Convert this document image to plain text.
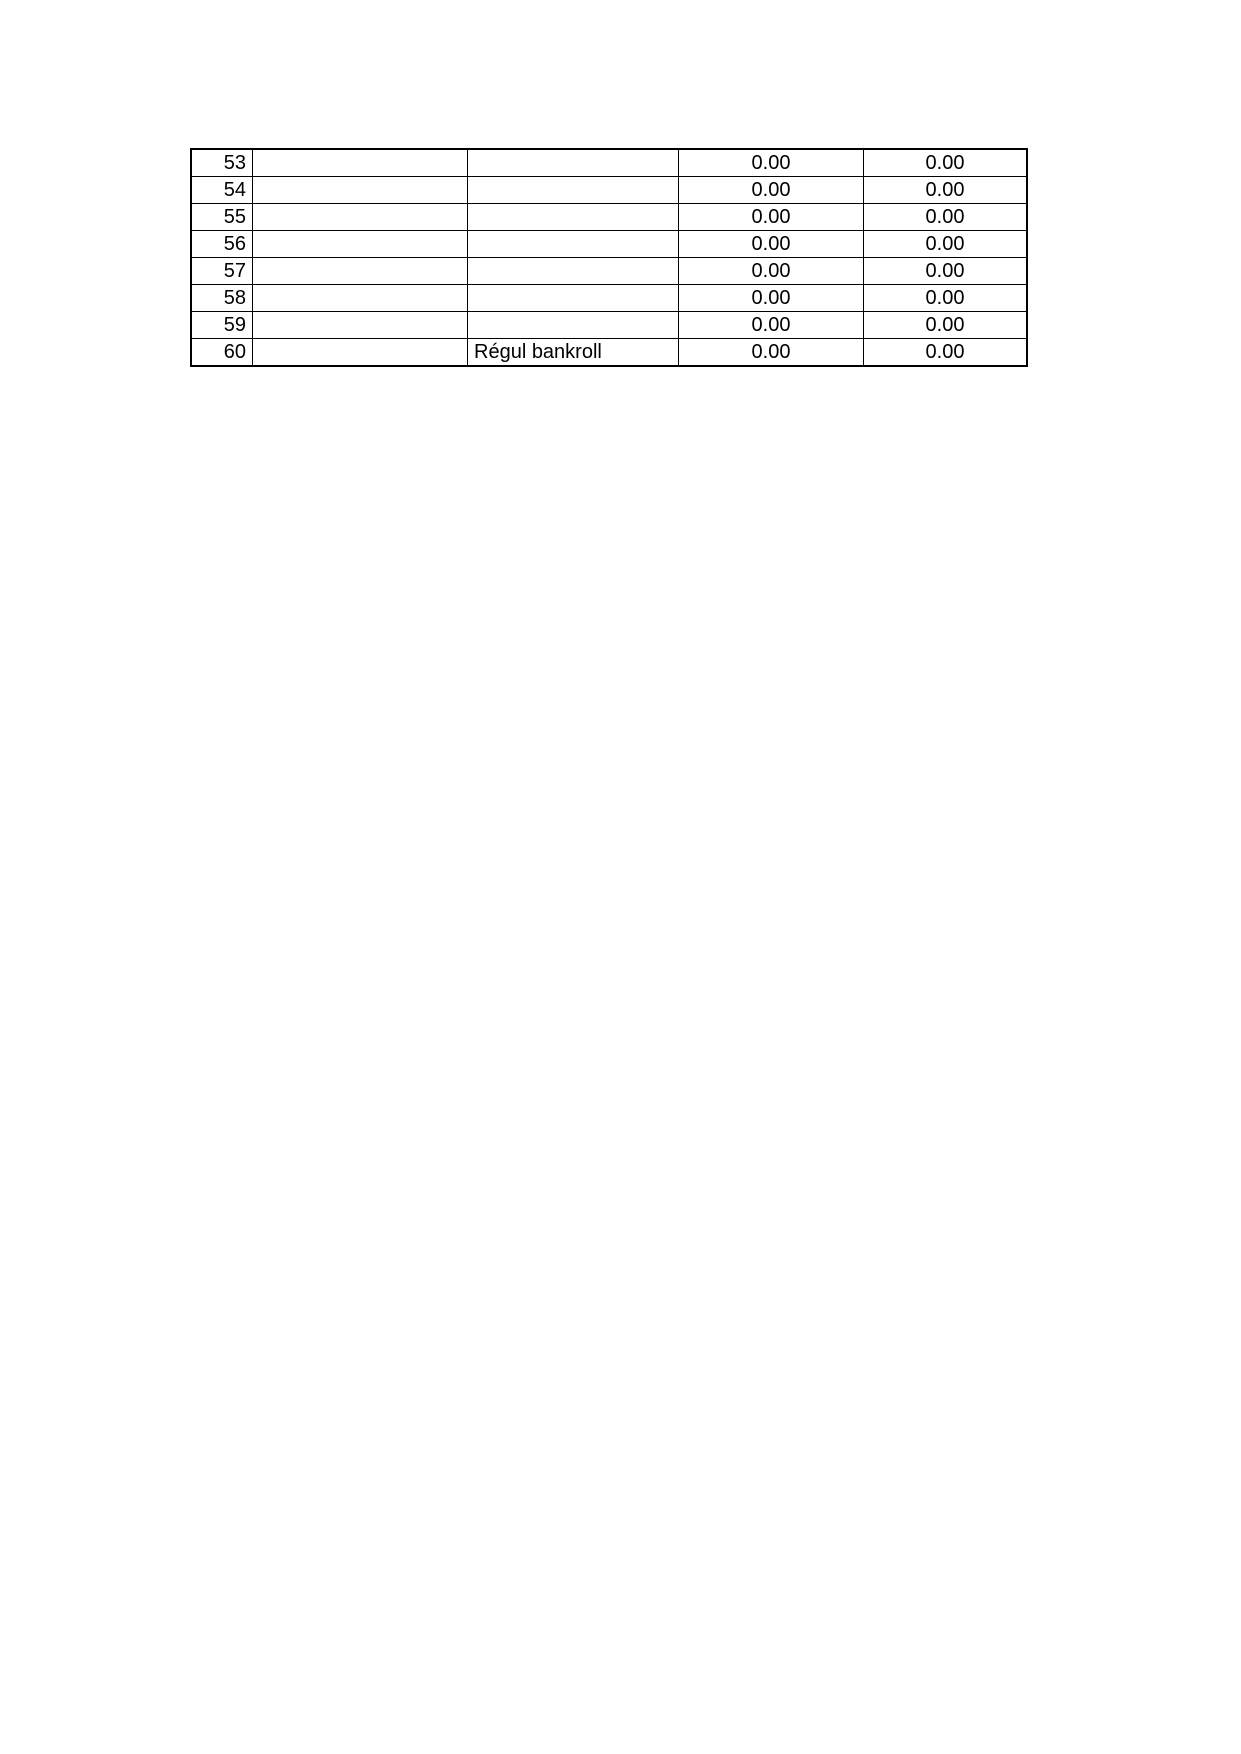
53			0.00	0.00
54			0.00	0.00
55			0.00	0.00
56			0.00	0.00
57			0.00	0.00
58			0.00	0.00
59			0.00	0.00
60		Régul bankroll	0.00	0.00
